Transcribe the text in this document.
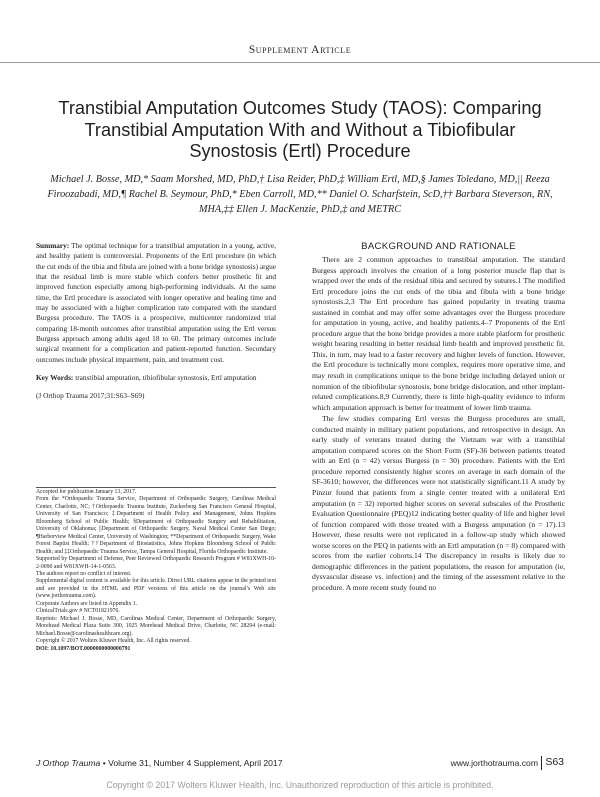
Supplement Article
Transtibial Amputation Outcomes Study (TAOS): Comparing Transtibial Amputation With and Without a Tibiofibular Synostosis (Ertl) Procedure

Michael J. Bosse, MD,* Saam Morshed, MD, PhD,† Lisa Reider, PhD,‡ William Ertl, MD,§ James Toledano, MD,|| Reeza Firoozabadi, MD,¶ Rachel B. Seymour, PhD,* Eben Carroll, MD,** Daniel O. Scharfstein, ScD,†† Barbara Steverson, RN, MHA,‡‡ Ellen J. MacKenzie, PhD,‡ and METRC

Summary: The optimal technique for a transtibial amputation in a young, active, and healthy patient is controversial. Proponents of the Ertl procedure (in which the cut ends of the tibia and fibula are joined with a bone bridge synostosis) argue that the residual limb is more stable which confers better prosthetic fit and improved function especially among high-performing individuals. At the same time, the Ertl procedure is associated with longer operative and healing time and may be associated with a higher complication rate compared with the standard Burgess procedure. The TAOS is a prospective, multicenter randomized trial comparing 18-month outcomes after transtibial amputation using the Ertl versus Burgess approach among adults aged 18 to 60. The primary outcomes include surgical treatment for a complication and patient-reported function. Secondary outcomes include physical impairment, pain, and treatment cost.

Key Words: transtibial amputation, tibiofibular synostosis, Ertl amputation

(J Orthop Trauma 2017;31:S63–S69)

Accepted for publication January 13, 2017.

From the *Orthopaedic Trauma Service, Department of Orthopaedic Surgery, Carolinas Medical Center, Charlotte, NC; †Orthopaedic Trauma Institute, Zuckerberg San Francisco General Hospital, University of San Francisco; ‡Department of Health Policy and Management, Johns Hopkins Bloomberg School of Public Health; §Department of Orthopaedic Surgery and Rehabilitation, University of Oklahoma; ||Department of Orthopaedic Surgery, Naval Medical Center San Diego; ¶Harborview Medical Center, University of Washington; **Department of Orthopaedic Surgery, Wake Forest Baptist Health; ††Department of Biostatistics, Johns Hopkins Bloomberg School of Public Health; and ‡‡Orthopaedic Trauma Service, Tampa General Hospital, Florida Orthopaedic Institute.

Supported by Department of Defense, Peer Reviewed Orthopaedic Research Program # W81XWH-10-2-0090 and W81XWH-14-1-0563.

The authors report no conflict of interest.

Supplemental digital content is available for this article. Direct URL citations appear in the printed text and are provided in the HTML and PDF versions of this article on the journal’s Web site (www.jorthotrauma.com).

Corporate Authors are listed in Appendix 1.

ClinicalTrials.gov # NCT01821976.

Reprints: Michael J. Bosse, MD, Carolinas Medical Center, Department of Orthopaedic Surgery, Morehead Medical Plaza Suite 300, 1025 Morehead Medical Drive, Charlotte, NC 28204 (e-mail: Michael.Bosse@carolinashealthcare.org).

Copyright © 2017 Wolters Kluwer Health, Inc. All rights reserved.

DOI: 10.1097/BOT.0000000000000791

BACKGROUND AND RATIONALE

There are 2 common approaches to transtibial amputation. The standard Burgess approach involves the creation of a long posterior muscle flap that is wrapped over the ends of the residual tibia and secured by sutures.1 The modified Ertl procedure joins the cut ends of the tibia and fibula with a bone bridge synostosis.2,3 The Ertl procedure has gained popularity in treating trauma sustained in combat and may offer some advantages over the Burgess procedure for amputation in young, active, and healthy patients.4–7 Proponents of the Ertl procedure argue that the bone bridge provides a more stable platform for prosthetic weight bearing resulting in better residual limb health and improved prosthetic fit. This, in turn, may lead to a faster recovery and higher levels of function. However, the Ertl procedure is technically more complex, requires more operative time, and may result in complications unique to the bone bridge including delayed union or nonunion of the tibiofibular synostosis, bone bridge dislocation, and other implant-related complications.8,9 Currently, there is little high-quality evidence to inform which amputation approach is better for treatment of lower limb trauma.

The few studies comparing Ertl versus the Burgess procedures are small, conducted mainly in military patient populations, and retrospective in design. An early study of veterans treated during the Vietnam war with a transtibial amputation compared scores on the Short Form (SF)-36 between patients treated with an Ertl (n = 42) versus Burgess (n = 30) procedure. Patients with the Ertl procedure reported consistently higher scores on average in each domain of the SF-3610; however, the differences were not statistically significant.11 A study by Pinzur found that patients from a single center treated with a unilateral Ertl amputation (n = 32) reported higher scores on several subscales of the Prosthetic Evaluation Questionnaire (PEQ)12 indicating better quality of life and higher level of function compared with those treated with a Burgess amputation (n = 17).13 However, these results were not replicated in a follow-up study which showed worse scores on the PEQ in patients with an Ertl amputation (n = 8) compared with scores from the earlier cohorts.14 The discrepancy in results is likely due to demographic differences in the patient populations, the reason for amputation (ie, dysvascular disease vs. infection) and the timing of the assessment relative to the procedure. A more recent study found no

J Orthop Trauma • Volume 31, Number 4 Supplement, April 2017	www.jorthotrauma.com S63
Copyright © 2017 Wolters Kluwer Health, Inc. Unauthorized reproduction of this article is prohibited.
